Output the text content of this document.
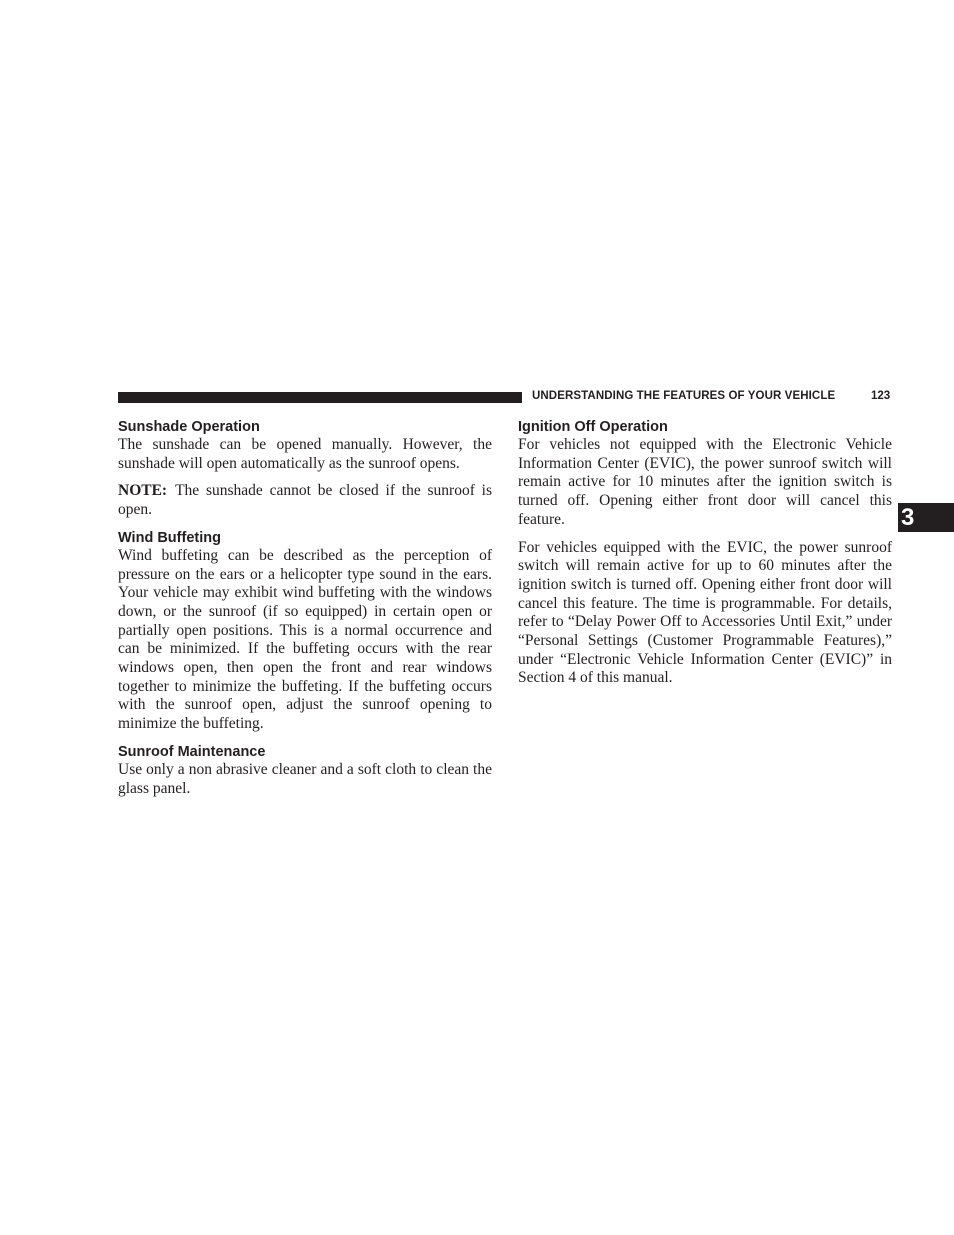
UNDERSTANDING THE FEATURES OF YOUR VEHICLE	123
3
Sunshade Operation

The sunshade can be opened manually. However, the sunshade will open automatically as the sunroof opens.

NOTE: The sunshade cannot be closed if the sunroof is open.

Wind Buffeting

Wind buffeting can be described as the perception of pressure on the ears or a helicopter type sound in the ears. Your vehicle may exhibit wind buffeting with the windows down, or the sunroof (if so equipped) in certain open or partially open positions. This is a normal occurrence and can be minimized. If the buffeting occurs with the rear windows open, then open the front and rear windows together to minimize the buffeting. If the buffeting occurs with the sunroof open, adjust the sunroof opening to minimize the buffeting.

Sunroof Maintenance

Use only a non abrasive cleaner and a soft cloth to clean the glass panel.

Ignition Off Operation

For vehicles not equipped with the Electronic Vehicle Information Center (EVIC), the power sunroof switch will remain active for 10 minutes after the ignition switch is turned off. Opening either front door will cancel this feature.

For vehicles equipped with the EVIC, the power sunroof switch will remain active for up to 60 minutes after the ignition switch is turned off. Opening either front door will cancel this feature. The time is programmable. For details, refer to “Delay Power Off to Accessories Until Exit,” under “Personal Settings (Customer Programmable Features),” under “Electronic Vehicle Information Center (EVIC)” in Section 4 of this manual.
